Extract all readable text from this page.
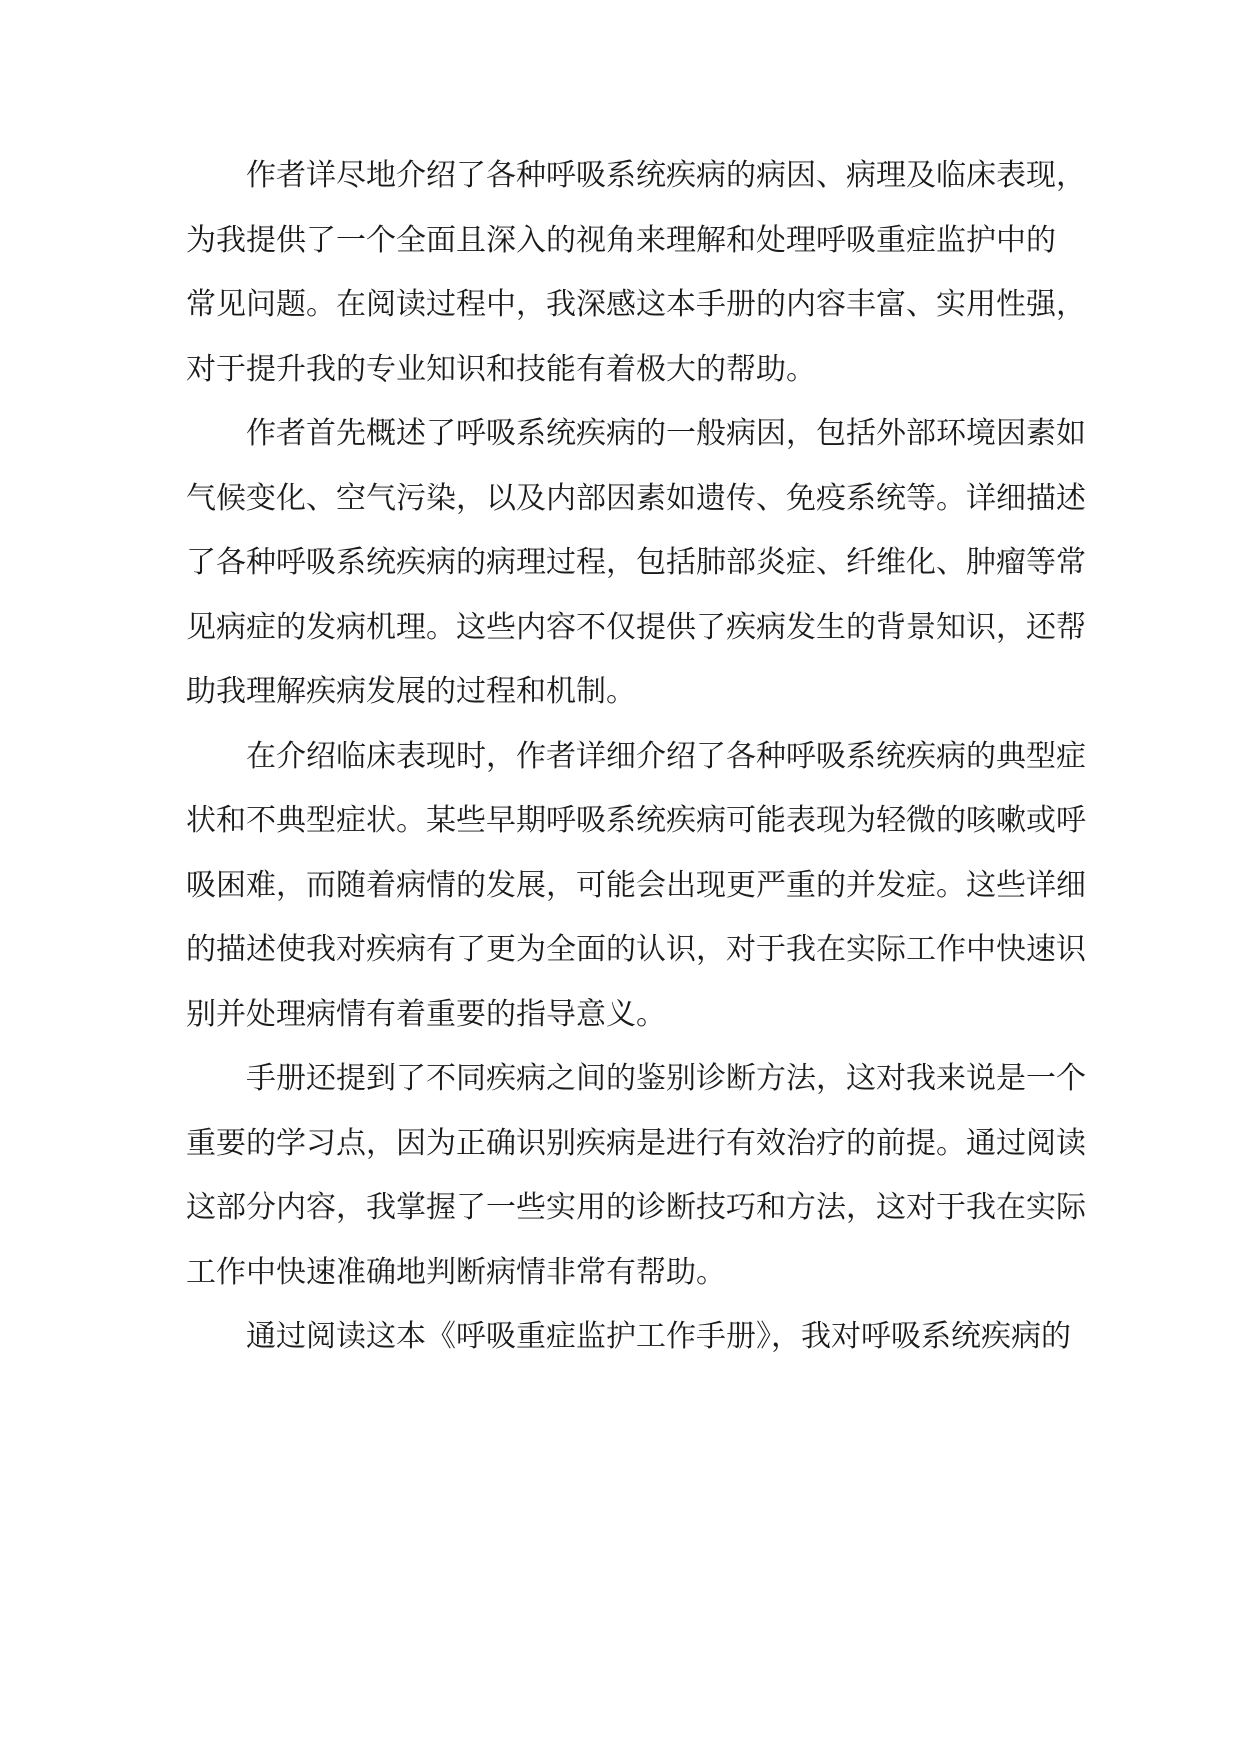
作者详尽地介绍了各种呼吸系统疾病的病因、病理及临床表现，
为我提供了一个全面且深入的视角来理解和处理呼吸重症监护中的
常见问题。在阅读过程中，我深感这本手册的内容丰富、实用性强，
对于提升我的专业知识和技能有着极大的帮助。
作者首先概述了呼吸系统疾病的一般病因，包括外部环境因素如
气候变化、空气污染，以及内部因素如遗传、免疫系统等。详细描述
了各种呼吸系统疾病的病理过程，包括肺部炎症、纤维化、肿瘤等常
见病症的发病机理。这些内容不仅提供了疾病发生的背景知识，还帮
助我理解疾病发展的过程和机制。
在介绍临床表现时，作者详细介绍了各种呼吸系统疾病的典型症
状和不典型症状。某些早期呼吸系统疾病可能表现为轻微的咳嗽或呼
吸困难，而随着病情的发展，可能会出现更严重的并发症。这些详细
的描述使我对疾病有了更为全面的认识，对于我在实际工作中快速识
别并处理病情有着重要的指导意义。
手册还提到了不同疾病之间的鉴别诊断方法，这对我来说是一个
重要的学习点，因为正确识别疾病是进行有效治疗的前提。通过阅读
这部分内容，我掌握了一些实用的诊断技巧和方法，这对于我在实际
工作中快速准确地判断病情非常有帮助。
通过阅读这本《呼吸重症监护工作手册》，我对呼吸系统疾病的
